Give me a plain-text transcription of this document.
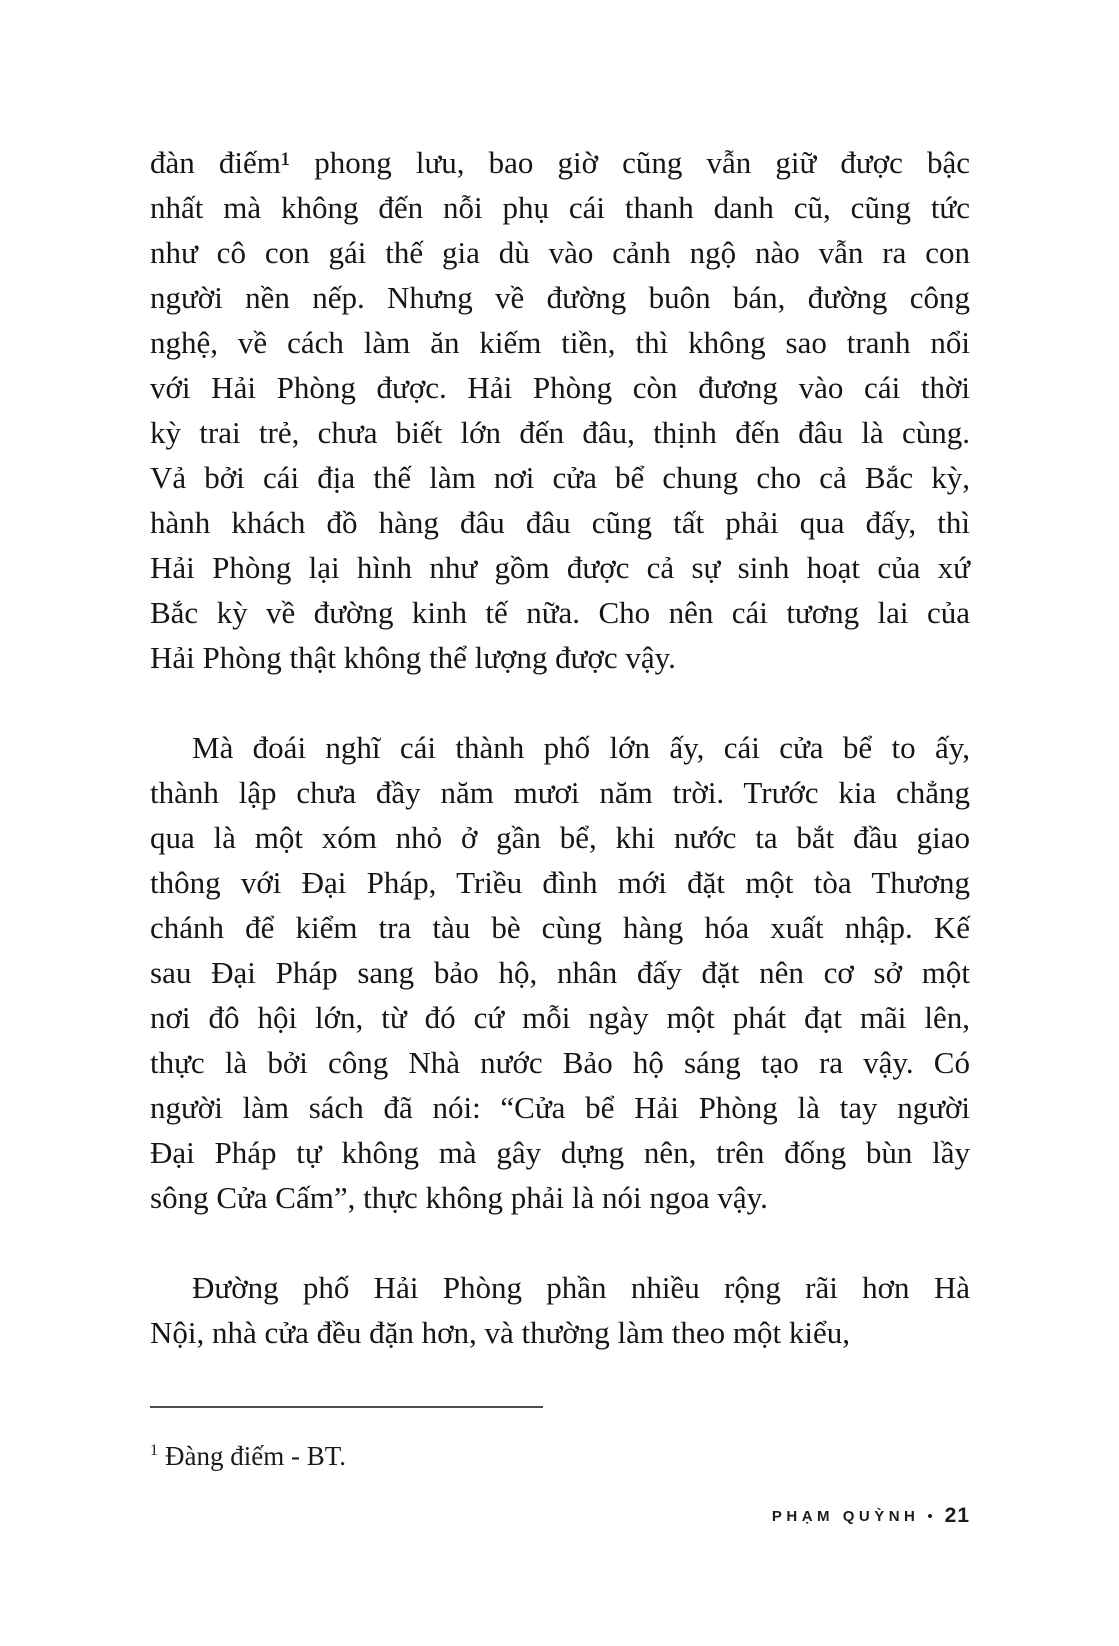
đàn điếm¹ phong lưu, bao giờ cũng vẫn giữ được bậc
nhất mà không đến nỗi phụ cái thanh danh cũ, cũng tức
như cô con gái thế gia dù vào cảnh ngộ nào vẫn ra con
người nền nếp. Nhưng về đường buôn bán, đường công
nghệ, về cách làm ăn kiếm tiền, thì không sao tranh nổi
với Hải Phòng được. Hải Phòng còn đương vào cái thời
kỳ trai trẻ, chưa biết lớn đến đâu, thịnh đến đâu là cùng.
Vả bởi cái địa thế làm nơi cửa bể chung cho cả Bắc kỳ,
hành khách đồ hàng đâu đâu cũng tất phải qua đấy, thì
Hải Phòng lại hình như gồm được cả sự sinh hoạt của xứ
Bắc kỳ về đường kinh tế nữa. Cho nên cái tương lai của
Hải Phòng thật không thể lượng được vậy.
Mà đoái nghĩ cái thành phố lớn ấy, cái cửa bể to ấy,
thành lập chưa đầy năm mươi năm trời. Trước kia chẳng
qua là một xóm nhỏ ở gần bể, khi nước ta bắt đầu giao
thông với Đại Pháp, Triều đình mới đặt một tòa Thương
chánh để kiểm tra tàu bè cùng hàng hóa xuất nhập. Kế
sau Đại Pháp sang bảo hộ, nhân đấy đặt nên cơ sở một
nơi đô hội lớn, từ đó cứ mỗi ngày một phát đạt mãi lên,
thực là bởi công Nhà nước Bảo hộ sáng tạo ra vậy. Có
người làm sách đã nói: “Cửa bể Hải Phòng là tay người
Đại Pháp tự không mà gây dựng nên, trên đống bùn lầy
sông Cửa Cấm”, thực không phải là nói ngoa vậy.
Đường phố Hải Phòng phần nhiều rộng rãi hơn Hà
Nội, nhà cửa đều đặn hơn, và thường làm theo một kiểu,

$^1$ Đàng điếm - BT.

PHẠM QUỲNH • 21
